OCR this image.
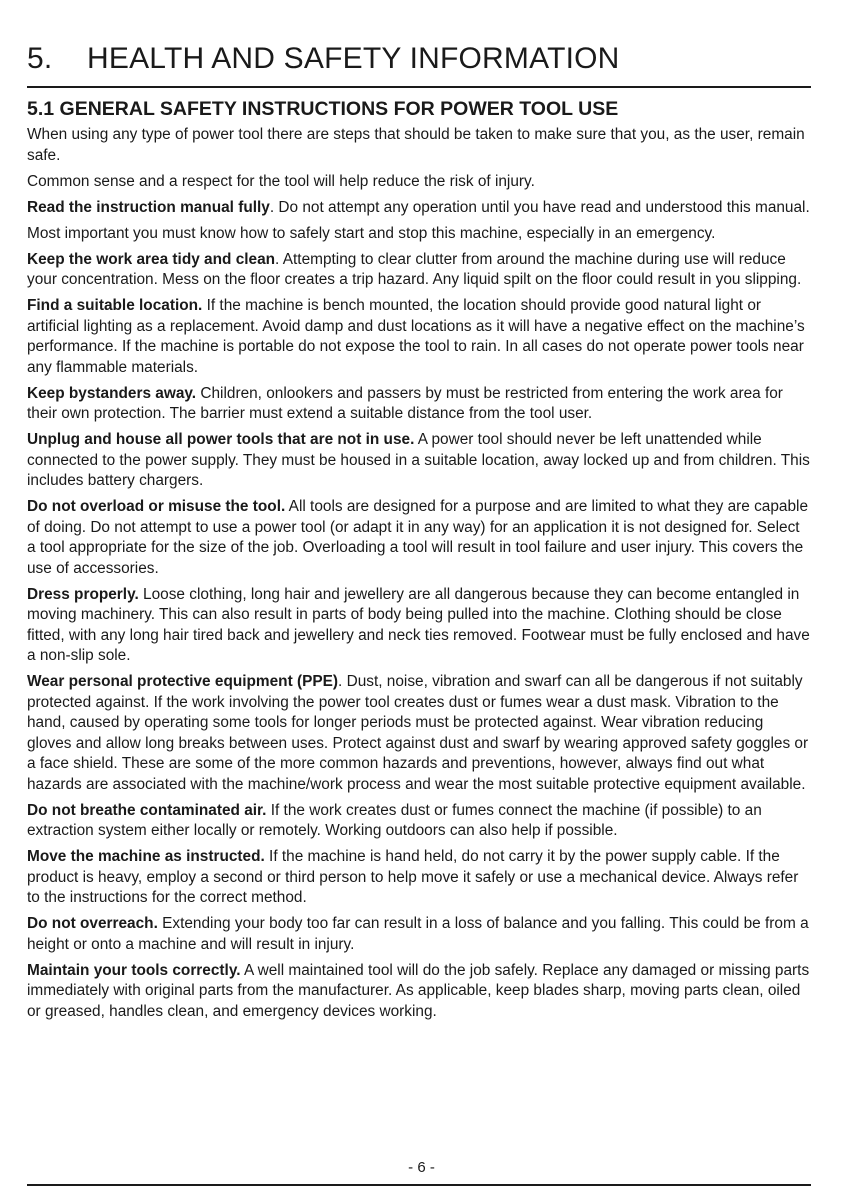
5. HEALTH AND SAFETY INFORMATION
5.1 GENERAL SAFETY INSTRUCTIONS FOR POWER TOOL USE

When using any type of power tool there are steps that should be taken to make sure that you, as the user, remain safe.

Common sense and a respect for the tool will help reduce the risk of injury.

Read the instruction manual fully. Do not attempt any operation until you have read and understood this manual.

Most important you must know how to safely start and stop this machine, especially in an emergency.

Keep the work area tidy and clean. Attempting to clear clutter from around the machine during use will reduce your concentration. Mess on the floor creates a trip hazard. Any liquid spilt on the floor could result in you slipping.

Find a suitable location. If the machine is bench mounted, the location should provide good natural light or artificial lighting as a replacement. Avoid damp and dust locations as it will have a negative effect on the machine’s performance. If the machine is portable do not expose the tool to rain. In all cases do not operate power tools near any flammable materials.

Keep bystanders away. Children, onlookers and passers by must be restricted from entering the work area for their own protection. The barrier must extend a suitable distance from the tool user.

Unplug and house all power tools that are not in use. A power tool should never be left unattended while connected to the power supply. They must be housed in a suitable location, away locked up and from children. This includes battery chargers.

Do not overload or misuse the tool. All tools are designed for a purpose and are limited to what they are capable of doing. Do not attempt to use a power tool (or adapt it in any way) for an application it is not designed for. Select a tool appropriate for the size of the job. Overloading a tool will result in tool failure and user injury. This covers the use of accessories.

Dress properly. Loose clothing, long hair and jewellery are all dangerous because they can become entangled in moving machinery. This can also result in parts of body being pulled into the machine. Clothing should be close fitted, with any long hair tired back and jewellery and neck ties removed. Footwear must be fully enclosed and have a non-slip sole.

Wear personal protective equipment (PPE). Dust, noise, vibration and swarf can all be dangerous if not suitably protected against. If the work involving the power tool creates dust or fumes wear a dust mask. Vibration to the hand, caused by operating some tools for longer periods must be protected against. Wear vibration reducing gloves and allow long breaks between uses. Protect against dust and swarf by wearing approved safety goggles or a face shield. These are some of the more common hazards and preventions, however, always find out what hazards are associated with the machine/work process and wear the most suitable protective equipment available.

Do not breathe contaminated air. If the work creates dust or fumes connect the machine (if possible) to an extraction system either locally or remotely. Working outdoors can also help if possible.

Move the machine as instructed. If the machine is hand held, do not carry it by the power supply cable. If the product is heavy, employ a second or third person to help move it safely or use a mechanical device. Always refer to the instructions for the correct method.

Do not overreach. Extending your body too far can result in a loss of balance and you falling. This could be from a height or onto a machine and will result in injury.

Maintain your tools correctly. A well maintained tool will do the job safely. Replace any damaged or missing parts immediately with original parts from the manufacturer. As applicable, keep blades sharp, moving parts clean, oiled or greased, handles clean, and emergency devices working.

- 6 -
